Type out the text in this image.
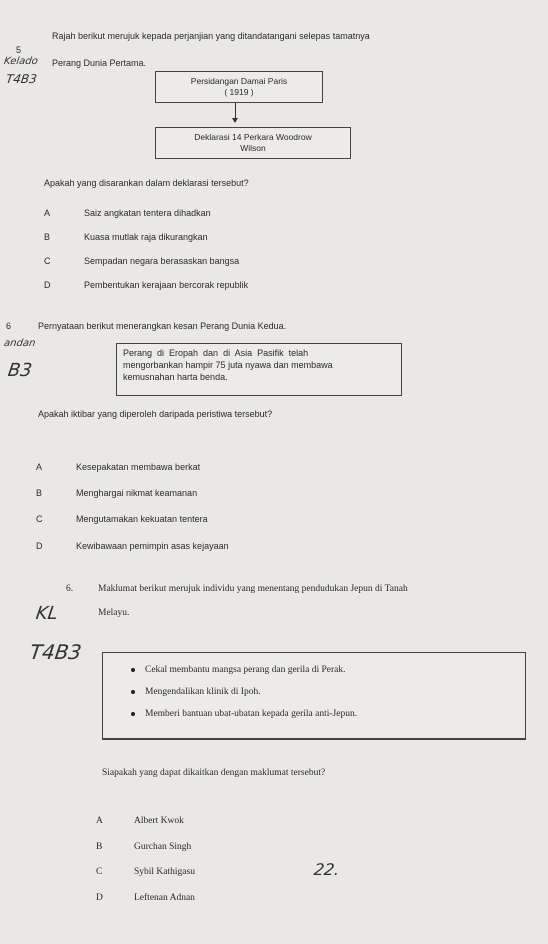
5
Rajah berikut merujuk kepada perjanjian yang ditandatangani selepas tamatnya
Kelado Perang Dunia Pertama.
T4B3	Persidangan Damai Paris
( 1919 )
Deklarasi 14 Perkara Woodrow
Wilson
Apakah yang disarankan dalam deklarasi tersebut?
A	Saiz angkatan tentera dihadkan
B	Kuasa mutlak raja dikurangkan
C	Sempadan negara berasaskan bangsa
D	Pembentukan kerajaan bercorak republik
6	Pernyataan berikut menerangkan kesan Perang Dunia Kedua.
andan
B3
Perang  di  Eropah  dan  di  Asia  Pasifik  telah
mengorbankan hampir 75 juta nyawa dan membawa
kemusnahan harta benda.
Apakah iktibar yang diperoleh daripada peristiwa tersebut?
A	Kesepakatan membawa berkat
B	Menghargai nikmat keamanan
C	Mengutamakan kekuatan tentera
D	Kewibawaan pemimpin asas kejayaan
6.	Maklumat berikut merujuk individu yang menentang pendudukan Jepun di Tanah
Melayu.
KL
T4B3
Cekal membantu mangsa perang dan gerila di Perak.
Mengendalikan klinik di Ipoh.
Memberi bantuan ubat-ubatan kepada gerila anti-Jepun.
Siapakah yang dapat dikaitkan dengan maklumat tersebut?
A	Albert Kwok
B	Gurchan Singh
C	Sybil Kathigasu	22.
D	Leftenan Adnan
